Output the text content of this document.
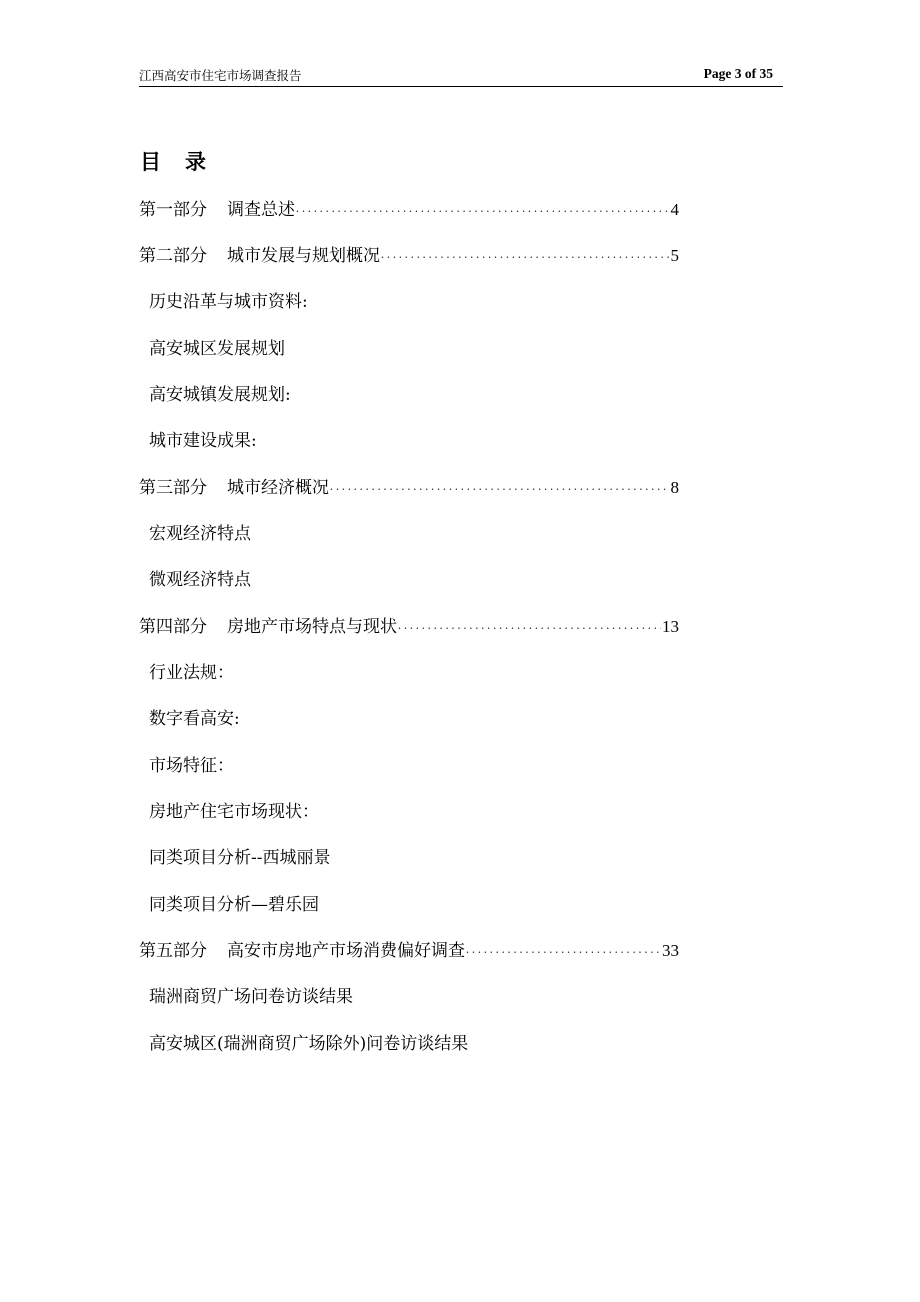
江西高安市住宅市场调查报告	Page 3 of 35
目录
第一部分 调查总述 •••••	4
第二部分 城市发展与规划概况 •••••	5
历史沿革与城市资料:
高安城区发展规划
高安城镇发展规划:
城市建设成果:
第三部分 城市经济概况 •••••	8
宏观经济特点
微观经济特点
第四部分 房地产市场特点与现状 •••••	13
行业法规：
数字看高安:
市场特征：
房地产住宅市场现状：
同类项目分析--西城丽景
同类项目分析—碧乐园
第五部分 高安市房地产市场消费偏好调查 •••••	33
瑞洲商贸广场问卷访谈结果
高安城区(瑞洲商贸广场除外)问卷访谈结果
